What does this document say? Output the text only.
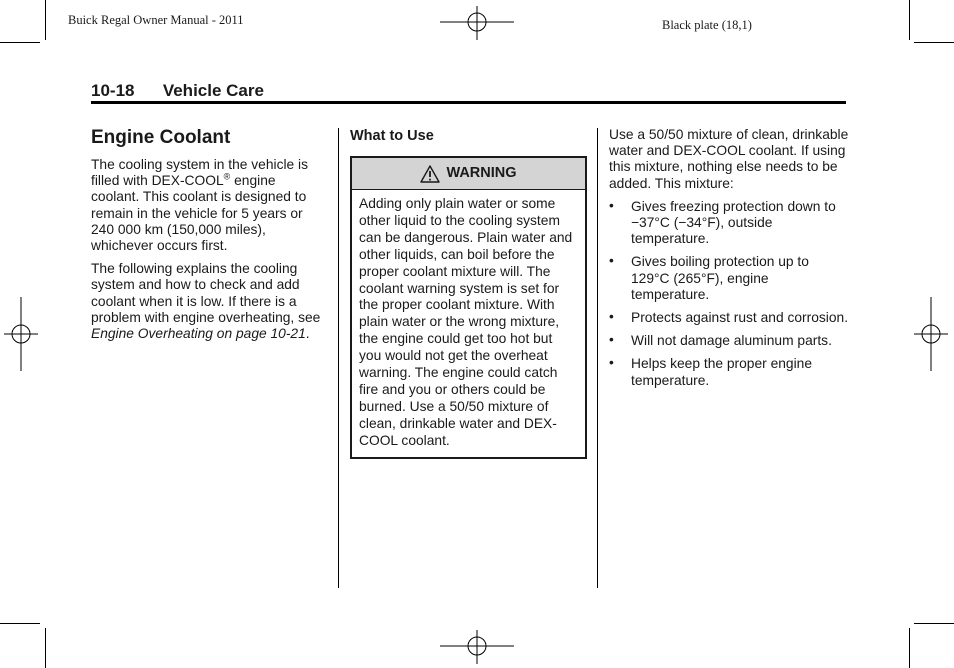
Buick Regal Owner Manual - 2011	Black plate (18,1)
10-18 Vehicle Care
Engine Coolant

The cooling system in the vehicle is filled with DEX-COOL® engine coolant. This coolant is designed to remain in the vehicle for 5 years or 240 000 km (150,000 miles), whichever occurs first.

The following explains the cooling system and how to check and add coolant when it is low. If there is a problem with engine overheating, see Engine Overheating on page 10-21.

What to Use
WARNING
Adding only plain water or some other liquid to the cooling system can be dangerous. Plain water and other liquids, can boil before the proper coolant mixture will. The coolant warning system is set for the proper coolant mixture. With plain water or the wrong mixture, the engine could get too hot but you would not get the overheat warning. The engine could catch fire and you or others could be burned. Use a 50/50 mixture of clean, drinkable water and DEX-COOL coolant.

Use a 50/50 mixture of clean, drinkable water and DEX-COOL coolant. If using this mixture, nothing else needs to be added. This mixture:

• Gives freezing protection down to −37°C (−34°F), outside temperature.
• Gives boiling protection up to 129°C (265°F), engine temperature.
• Protects against rust and corrosion.
• Will not damage aluminum parts.
• Helps keep the proper engine temperature.
